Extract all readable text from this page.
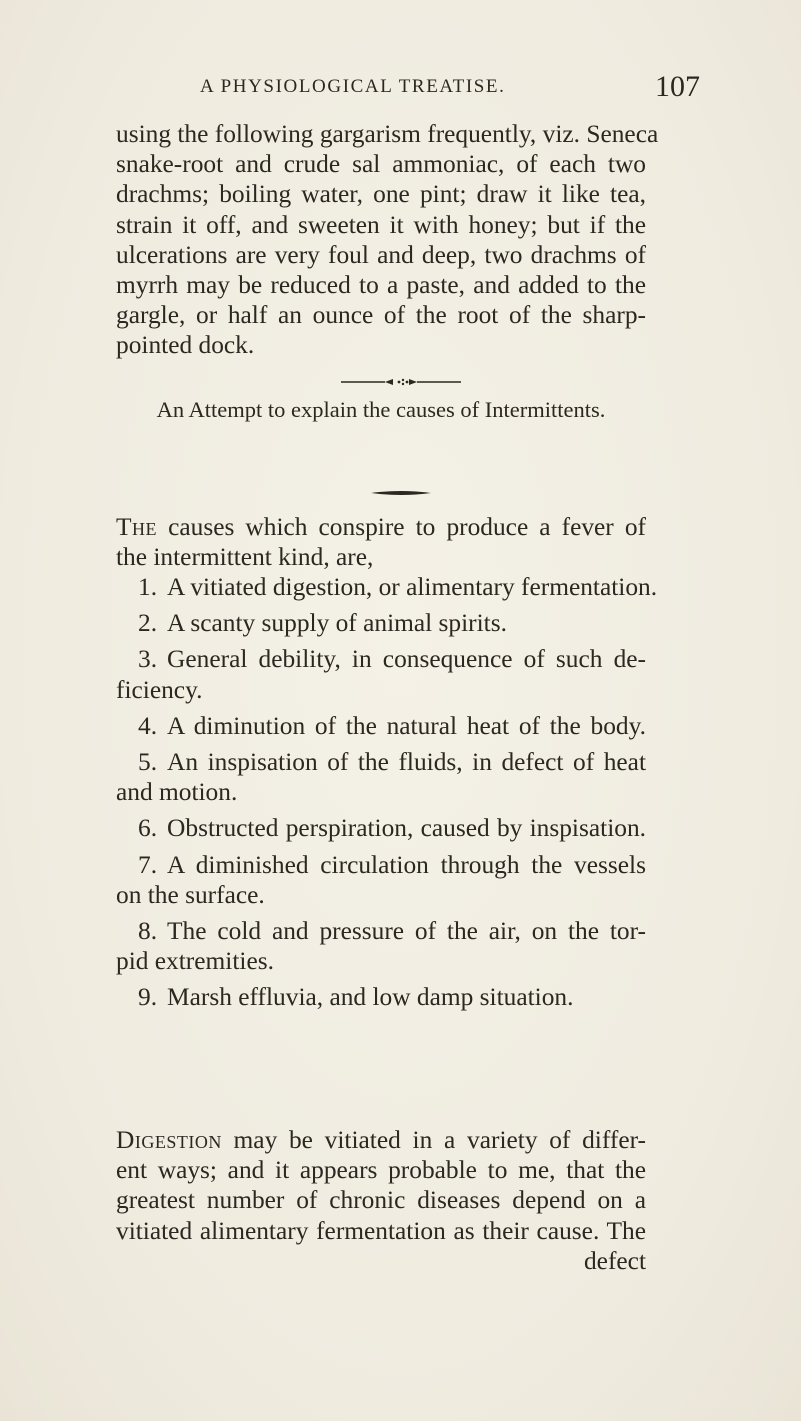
A PHYSIOLOGICAL TREATISE.	107
using the following gargarism frequently, viz. Seneca
snake-root and crude sal ammoniac, of each two
drachms; boiling water, one pint; draw it like tea,
strain it off, and sweeten it with honey; but if the
ulcerations are very foul and deep, two drachms of
myrrh may be reduced to a paste, and added to the
gargle, or half an ounce of the root of the sharp-
pointed dock.
An Attempt to explain the causes of Intermittents.
The causes which conspire to produce a fever of
the intermittent kind, are,
1. A vitiated digestion, or alimentary fermentation.
2. A scanty supply of animal spirits.
3. General debility, in consequence of such de-
ficiency.
4. A diminution of the natural heat of the body.
5. An inspisation of the fluids, in defect of heat
and motion.
6. Obstructed perspiration, caused by inspisation.
7. A diminished circulation through the vessels
on the surface.
8. The cold and pressure of the air, on the tor-
pid extremities.
9. Marsh effluvia, and low damp situation.
Digestion may be vitiated in a variety of differ-
ent ways; and it appears probable to me, that the
greatest number of chronic diseases depend on a
vitiated alimentary fermentation as their cause. The
defect
